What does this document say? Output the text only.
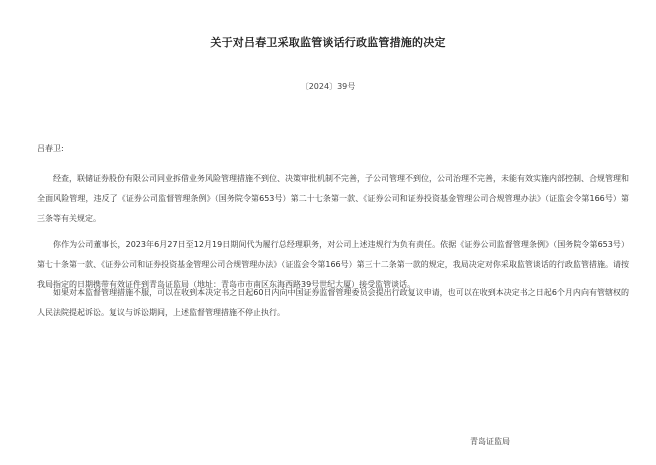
关于对吕春卫采取监管谈话行政监管措施的决定
〔2024〕39号
吕春卫:

经查，联储证券股份有限公司同业拆借业务风险管理措施不到位、决策审批机制不完善，子公司管理不到位，公司治理不完善，未能有效实施内部控制、合规管理和全面风险管理，违反了《证券公司监督管理条例》（国务院令第653号）第二十七条第一款、《证券公司和证券投资基金管理公司合规管理办法》（证监会令第166号）第三条等有关规定。

你作为公司董事长，2023年6月27日至12月19日期间代为履行总经理职务，对公司上述违规行为负有责任。依据《证券公司监督管理条例》（国务院令第653号）第七十条第一款、《证券公司和证券投资基金管理公司合规管理办法》（证监会令第166号）第三十二条第一款的规定，我局决定对你采取监管谈话的行政监管措施。请按我局指定的日期携带有效证件到青岛证监局（地址：青岛市市南区东海西路39号世纪大厦）接受监管谈话。

如果对本监督管理措施不服，可以在收到本决定书之日起60日内向中国证券监督管理委员会提出行政复议申请，也可以在收到本决定书之日起6个月内向有管辖权的人民法院提起诉讼。复议与诉讼期间，上述监督管理措施不停止执行。

青岛证监局
